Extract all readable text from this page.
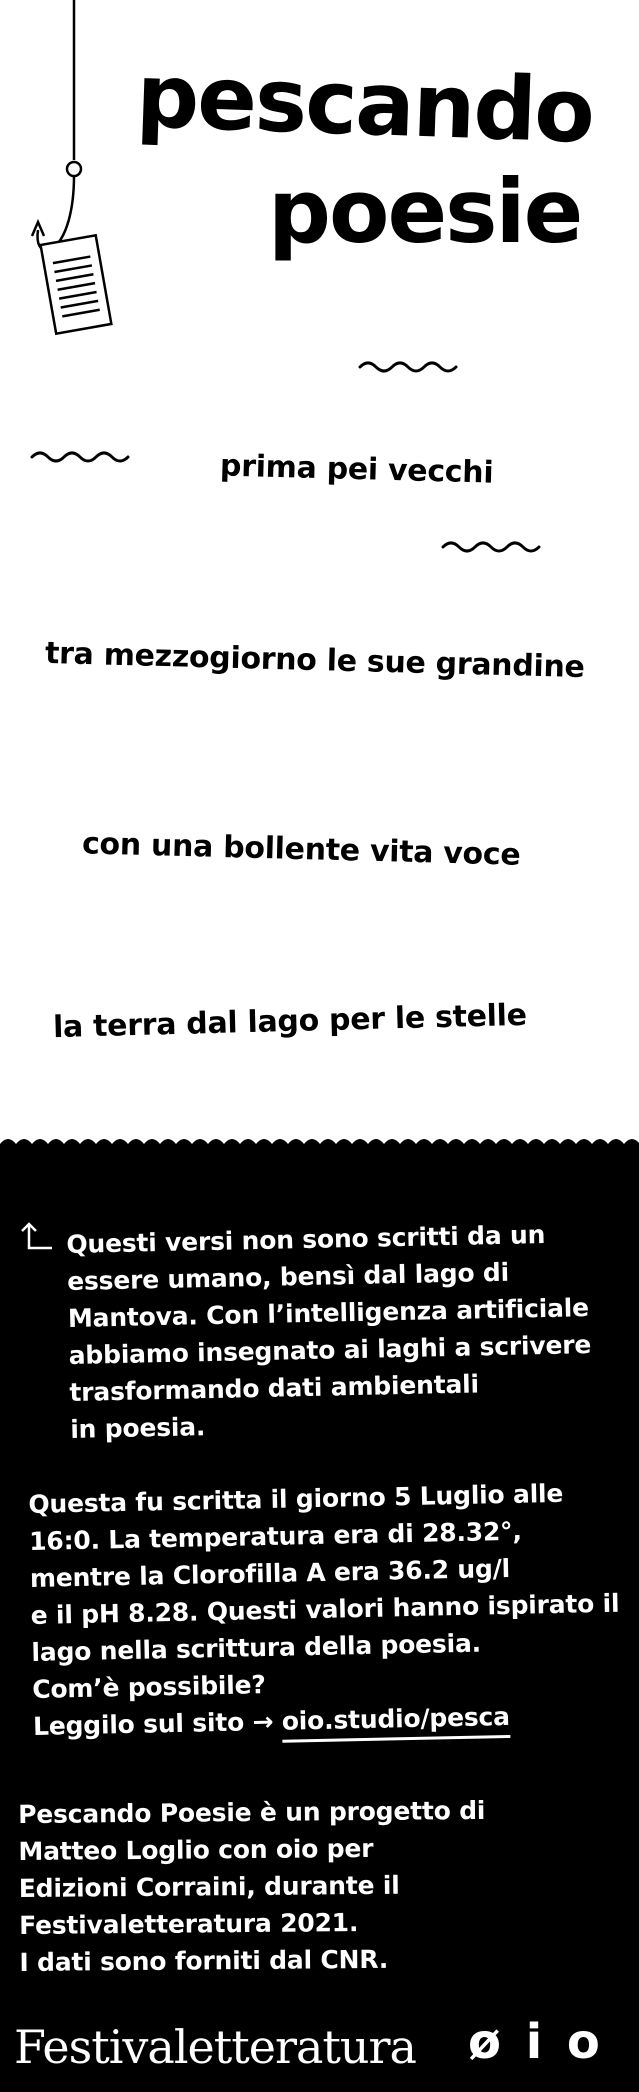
pescando
poesie
prima pei vecchi
tra mezzogiorno le sue grandine
con una bollente vita voce
la terra dal lago per le stelle
Questi versi non sono scritti da un
essere umano, bensì dal lago di
Mantova. Con l’intelligenza artificiale
abbiamo insegnato ai laghi a scrivere
trasformando dati ambientali
in poesia.
Questa fu scritta il giorno 5 Luglio alle
16:0. La temperatura era di 28.32°,
mentre la Clorofilla A era 36.2 ug/l
e il pH 8.28. Questi valori hanno ispirato il
lago nella scrittura della poesia.
Com’è possibile?
Leggilo sul sito → oio.studio/pesca
Pescando Poesie è un progetto di
Matteo Loglio con oio per
Edizioni Corraini, durante il
Festivaletteratura 2021.
I dati sono forniti dal CNR.
Festivaletteratura ø i o
